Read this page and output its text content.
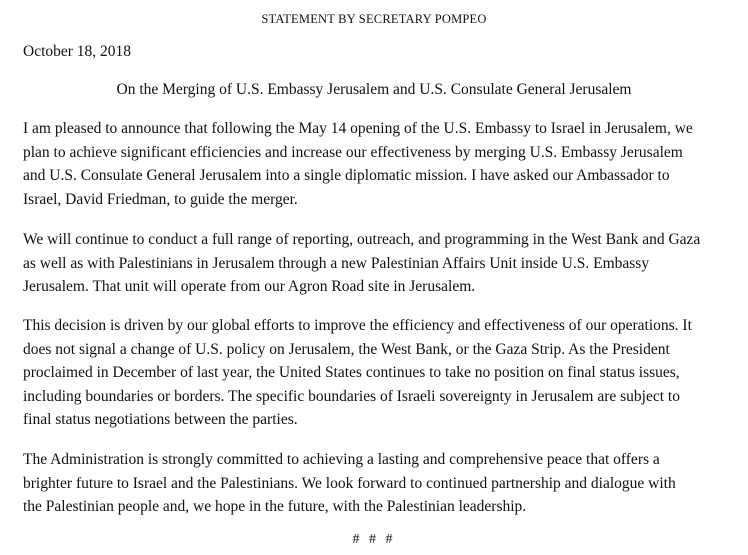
STATEMENT BY SECRETARY POMPEO
October 18, 2018
On the Merging of U.S. Embassy Jerusalem and U.S. Consulate General Jerusalem
I am pleased to announce that following the May 14 opening of the U.S. Embassy to Israel in Jerusalem, we
plan to achieve significant efficiencies and increase our effectiveness by merging U.S. Embassy Jerusalem
and U.S. Consulate General Jerusalem into a single diplomatic mission. I have asked our Ambassador to
Israel, David Friedman, to guide the merger.
We will continue to conduct a full range of reporting, outreach, and programming in the West Bank and Gaza
as well as with Palestinians in Jerusalem through a new Palestinian Affairs Unit inside U.S. Embassy
Jerusalem. That unit will operate from our Agron Road site in Jerusalem.
This decision is driven by our global efforts to improve the efficiency and effectiveness of our operations. It
does not signal a change of U.S. policy on Jerusalem, the West Bank, or the Gaza Strip. As the President
proclaimed in December of last year, the United States continues to take no position on final status issues,
including boundaries or borders. The specific boundaries of Israeli sovereignty in Jerusalem are subject to
final status negotiations between the parties.
The Administration is strongly committed to achieving a lasting and comprehensive peace that offers a
brighter future to Israel and the Palestinians. We look forward to continued partnership and dialogue with
the Palestinian people and, we hope in the future, with the Palestinian leadership.
# # #
